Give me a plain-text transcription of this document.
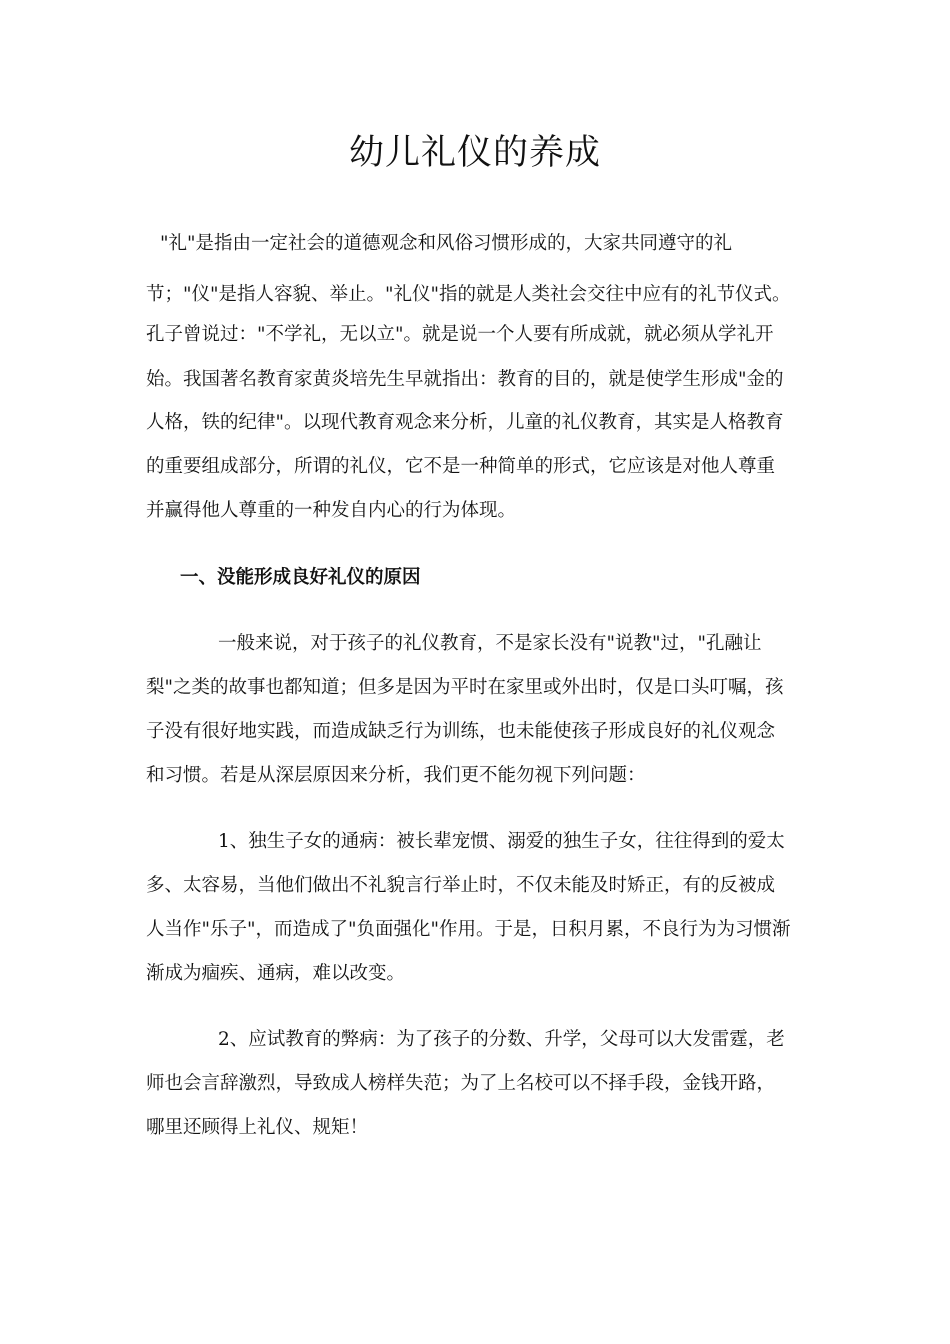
幼儿礼仪的养成

"礼"是指由一定社会的道德观念和风俗习惯形成的，大家共同遵守的礼

节；"仪"是指人容貌、举止。"礼仪"指的就是人类社会交往中应有的礼节仪式。

孔子曾说过："不学礼，无以立"。就是说一个人要有所成就，就必须从学礼开

始。我国著名教育家黄炎培先生早就指出：教育的目的，就是使学生形成"金的

人格，铁的纪律"。以现代教育观念来分析，儿童的礼仪教育，其实是人格教育

的重要组成部分，所谓的礼仪，它不是一种简单的形式，它应该是对他人尊重

并赢得他人尊重的一种发自内心的行为体现。

一、没能形成良好礼仪的原因

一般来说，对于孩子的礼仪教育，不是家长没有"说教"过，"孔融让

梨"之类的故事也都知道；但多是因为平时在家里或外出时，仅是口头叮嘱，孩

子没有很好地实践，而造成缺乏行为训练，也未能使孩子形成良好的礼仪观念

和习惯。若是从深层原因来分析，我们更不能勿视下列问题：

1、独生子女的通病：被长辈宠惯、溺爱的独生子女，往往得到的爱太

多、太容易，当他们做出不礼貌言行举止时，不仅未能及时矫正，有的反被成

人当作"乐子"，而造成了"负面强化"作用。于是，日积月累，不良行为为习惯渐

渐成为痼疾、通病，难以改变。

2、应试教育的弊病：为了孩子的分数、升学，父母可以大发雷霆，老

师也会言辞激烈，导致成人榜样失范；为了上名校可以不择手段，金钱开路，

哪里还顾得上礼仪、规矩！
